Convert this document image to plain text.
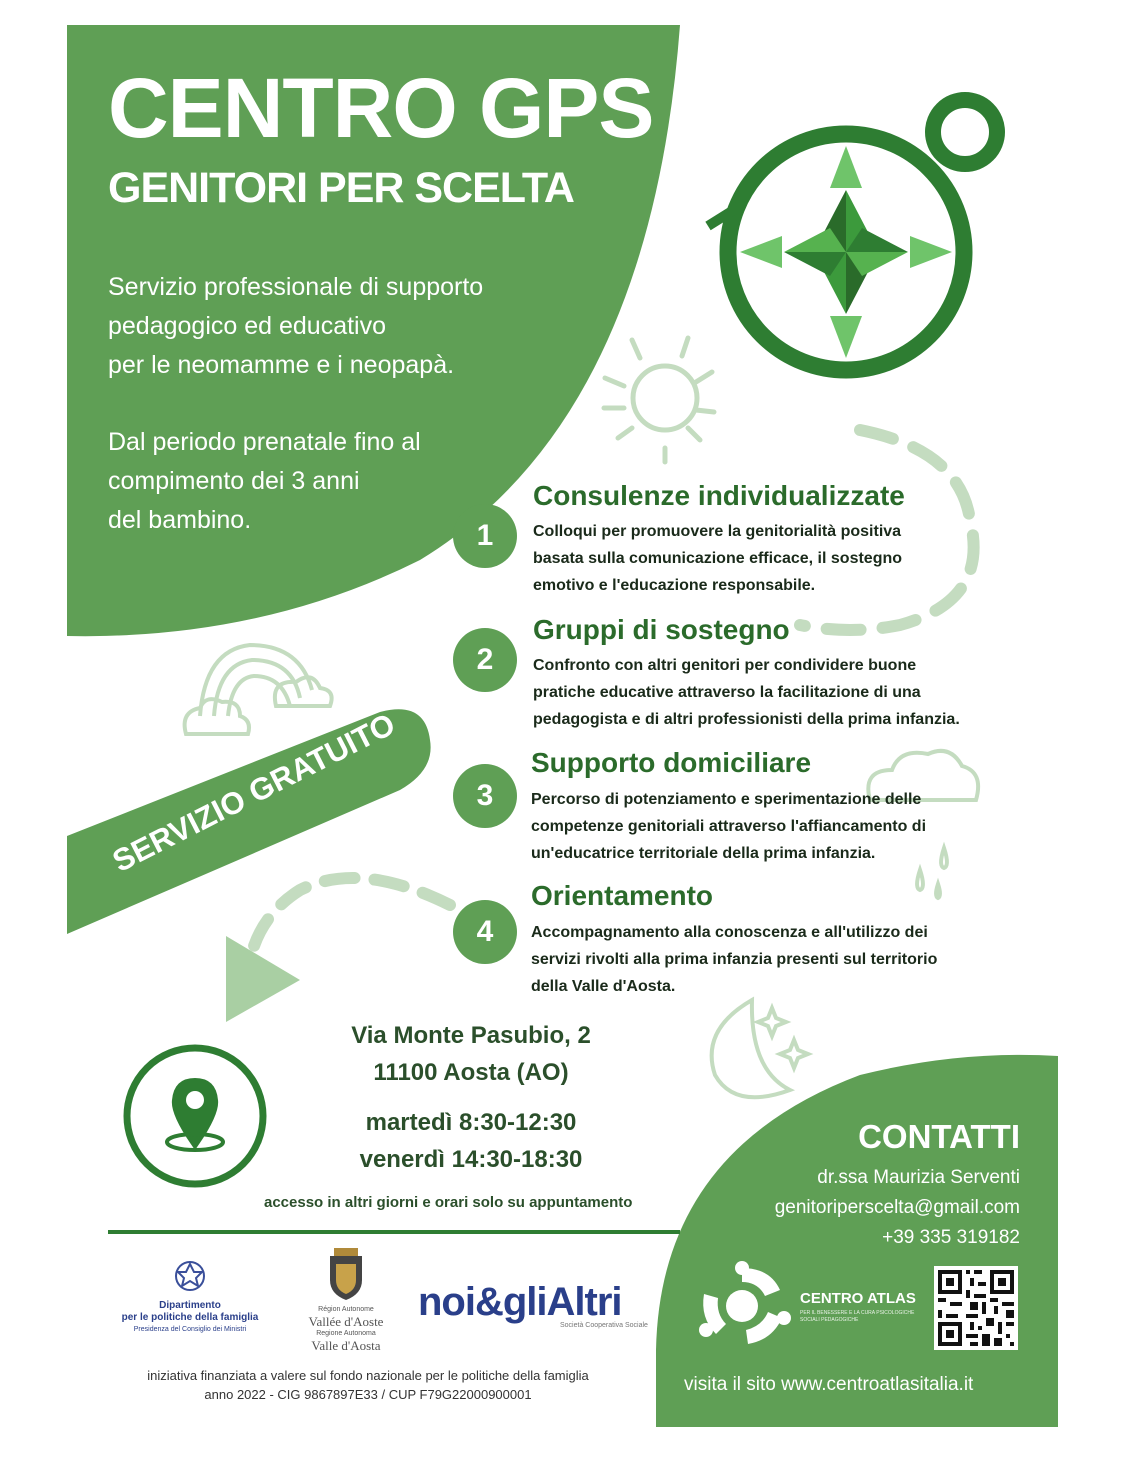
CENTRO GPS
GENITORI PER SCELTA
Servizio professionale di supporto
pedagogico ed educativo
per le neomamme e i neopapà.
Dal periodo prenatale fino al
compimento dei 3 anni
del bambino.
SERVIZIO GRATUITO
1
Consulenze individualizzate
Colloqui per promuovere la genitorialità positiva
basata sulla comunicazione efficace, il sostegno
emotivo e l'educazione responsabile.
2
Gruppi di sostegno
Confronto con altri genitori per condividere buone
pratiche educative attraverso la facilitazione di una
pedagogista e di altri professionisti della prima infanzia.
3
Supporto domiciliare
Percorso di potenziamento e sperimentazione delle
competenze genitoriali attraverso l'affiancamento di
un'educatrice territoriale della prima infanzia.
4
Orientamento
Accompagnamento alla conoscenza e all'utilizzo dei
servizi rivolti alla prima infanzia presenti sul territorio
della Valle d'Aosta.
Via Monte Pasubio, 2
11100 Aosta (AO)
martedì 8:30-12:30
venerdì 14:30-18:30
accesso in altri giorni e orari solo su appuntamento
Dipartimento
per le politiche della famiglia
Presidenza del Consiglio dei Ministri
Région Autonome
Vallée d'Aoste
Regione Autonoma
Valle d'Aosta
noi&gliAltri
Società Cooperativa Sociale
CONTATTI
dr.ssa Maurizia Serventi
genitoriperscelta@gmail.com
+39 335 319182
CENTRO ATLAS
PER IL BENESSERE E LA CURA PSICOLOGICHE SOCIALI PEDAGOGICHE
iniziativa finanziata a valere sul fondo nazionale per le politiche della famiglia
anno 2022 - CIG 9867897E33 / CUP F79G22000900001	visita il sito www.centroatlasitalia.it
